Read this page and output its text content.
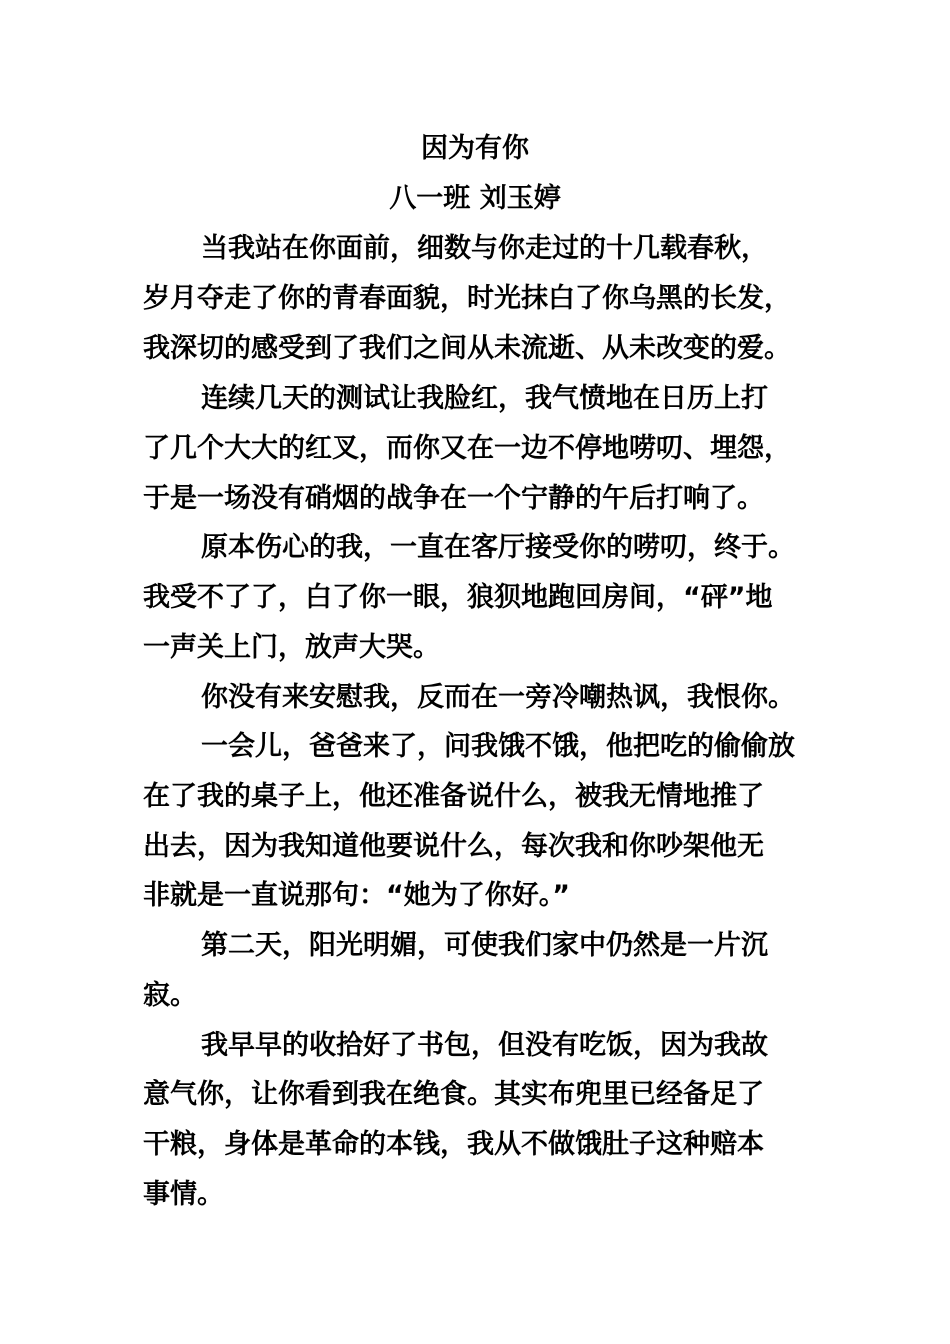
因为有你
八一班 刘玉婷
当我站在你面前，细数与你走过的十几载春秋，
岁月夺走了你的青春面貌，时光抹白了你乌黑的长发，
我深切的感受到了我们之间从未流逝、从未改变的爱。
连续几天的测试让我脸红，我气愤地在日历上打
了几个大大的红叉，而你又在一边不停地唠叨、埋怨，
于是一场没有硝烟的战争在一个宁静的午后打响了。
原本伤心的我，一直在客厅接受你的唠叨，终于。
我受不了了，白了你一眼，狼狈地跑回房间，“砰”地
一声关上门，放声大哭。
你没有来安慰我，反而在一旁冷嘲热讽，我恨你。
一会儿，爸爸来了，问我饿不饿，他把吃的偷偷放
在了我的桌子上，他还准备说什么，被我无情地推了
出去，因为我知道他要说什么，每次我和你吵架他无
非就是一直说那句：“她为了你好。”
第二天，阳光明媚，可使我们家中仍然是一片沉
寂。
我早早的收拾好了书包，但没有吃饭，因为我故
意气你，让你看到我在绝食。其实布兜里已经备足了
干粮，身体是革命的本钱，我从不做饿肚子这种赔本
事情。
